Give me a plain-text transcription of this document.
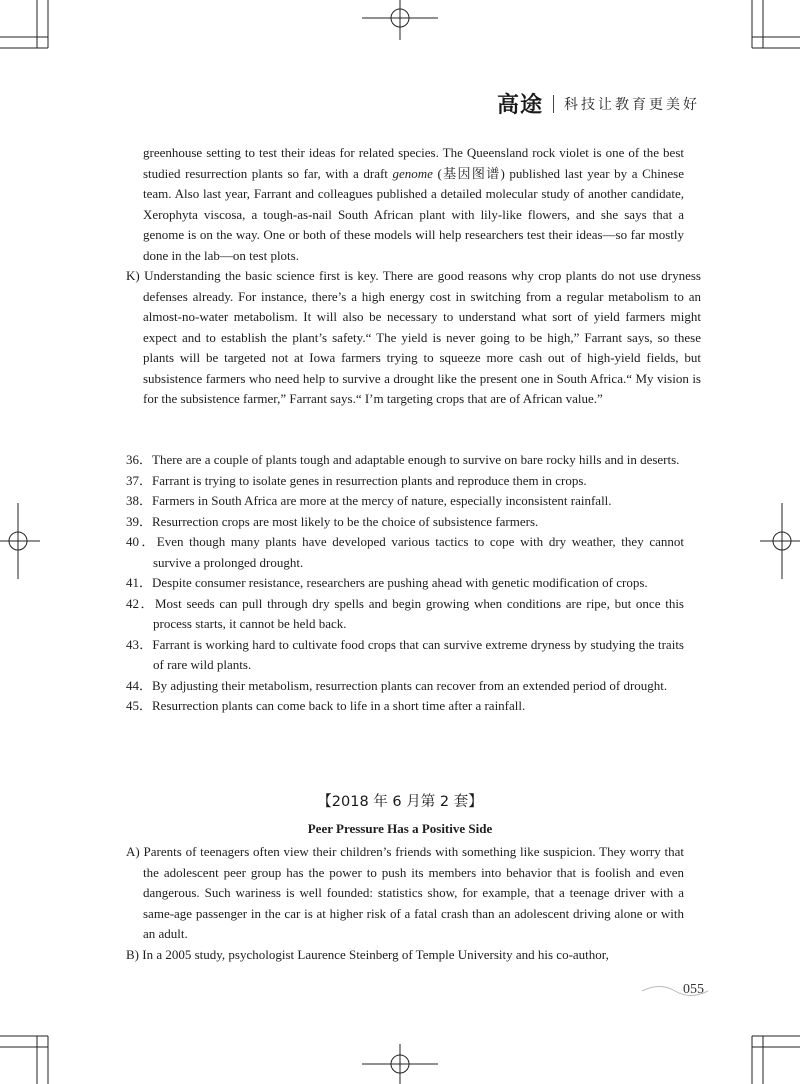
高途 科技让教育更美好
greenhouse setting to test their ideas for related species. The Queensland rock violet is one of the best studied resurrection plants so far, with a draft genome (基因图谱) published last year by a Chinese team. Also last year, Farrant and colleagues published a detailed molecular study of another candidate, Xerophyta viscosa, a tough-as-nail South African plant with lily-like flowers, and she says that a genome is on the way. One or both of these models will help researchers test their ideas—so far mostly done in the lab—on test plots.
K) Understanding the basic science first is key. There are good reasons why crop plants do not use dryness defenses already. For instance, there’s a high energy cost in switching from a regular metabolism to an almost-no-water metabolism. It will also be necessary to understand what sort of yield farmers might expect and to establish the plant’s safety.“ The yield is never going to be high,” Farrant says, so these plants will be targeted not at Iowa farmers trying to squeeze more cash out of high-yield fields, but subsistence farmers who need help to survive a drought like the present one in South Africa.“ My vision is for the subsistence farmer,” Farrant says.“ I’m targeting crops that are of African value.”
36．There are a couple of plants tough and adaptable enough to survive on bare rocky hills and in deserts.
37．Farrant is trying to isolate genes in resurrection plants and reproduce them in crops.
38．Farmers in South Africa are more at the mercy of nature, especially inconsistent rainfall.
39．Resurrection crops are most likely to be the choice of subsistence farmers.
40．Even though many plants have developed various tactics to cope with dry weather, they cannot survive a prolonged drought.
41．Despite consumer resistance, researchers are pushing ahead with genetic modification of crops.
42．Most seeds can pull through dry spells and begin growing when conditions are ripe, but once this process starts, it cannot be held back.
43．Farrant is working hard to cultivate food crops that can survive extreme dryness by studying the traits of rare wild plants.
44．By adjusting their metabolism, resurrection plants can recover from an extended period of drought.
45．Resurrection plants can come back to life in a short time after a rainfall.
【2018 年 6 月第 2 套】
Peer Pressure Has a Positive Side
A) Parents of teenagers often view their children’s friends with something like suspicion. They worry that the adolescent peer group has the power to push its members into behavior that is foolish and even dangerous. Such wariness is well founded: statistics show, for example, that a teenage driver with a same-age passenger in the car is at higher risk of a fatal crash than an adolescent driving alone or with an adult.
B) In a 2005 study, psychologist Laurence Steinberg of Temple University and his co-author,
055
